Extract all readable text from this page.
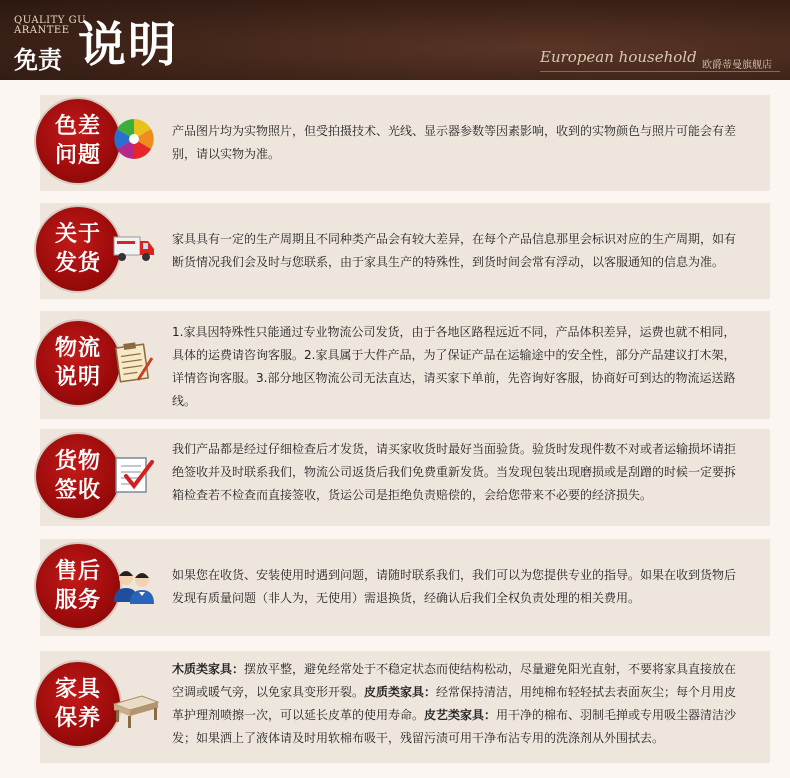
QUALITY GU
ARANTEE
免责 说明	European household 欧爵蒂曼旗舰店
色差
问题
产品图片均为实物照片，但受拍摄技术、光线、显示器参数等因素影响，收到的实物颜色与照片可能会有差别，请以实物为准。
关于
发货
家具具有一定的生产周期且不同种类产品会有较大差异，在每个产品信息那里会标识对应的生产周期，如有断货情况我们会及时与您联系，由于家具生产的特殊性，到货时间会常有浮动，以客服通知的信息为准。
物流
说明
1.家具因特殊性只能通过专业物流公司发货，由于各地区路程远近不同，产品体积差异，运费也就不相同，具体的运费请咨询客服。2.家具属于大件产品，为了保证产品在运输途中的安全性，部分产品建议打木架，详情咨询客服。3.部分地区物流公司无法直达，请买家下单前，先咨询好客服，协商好可到达的物流运送路线。
货物
签收
我们产品都是经过仔细检查后才发货，请买家收货时最好当面验货。验货时发现件数不对或者运输损坏请拒绝签收并及时联系我们，物流公司返货后我们免费重新发货。当发现包装出现磨损或是刮蹭的时候一定要拆箱检查若不检查而直接签收，货运公司是拒绝负责赔偿的，会给您带来不必要的经济损失。
售后
服务
如果您在收货、安装使用时遇到问题，请随时联系我们，我们可以为您提供专业的指导。如果在收到货物后发现有质量问题（非人为，无使用）需退换货，经确认后我们全权负责处理的相关费用。
家具
保养
木质类家具：摆放平整，避免经常处于不稳定状态而使结构松动，尽量避免阳光直射，不要将家具直接放在空调或暖气旁，以免家具变形开裂。皮质类家具：经常保持清洁，用纯棉布轻轻拭去表面灰尘；每个月用皮革护理剂喷擦一次，可以延长皮革的使用寿命。皮艺类家具：用干净的棉布、羽制毛掸或专用吸尘器清洁沙发；如果洒上了液体请及时用软棉布吸干，残留污渍可用干净布沾专用的洗涤剂从外围拭去。
